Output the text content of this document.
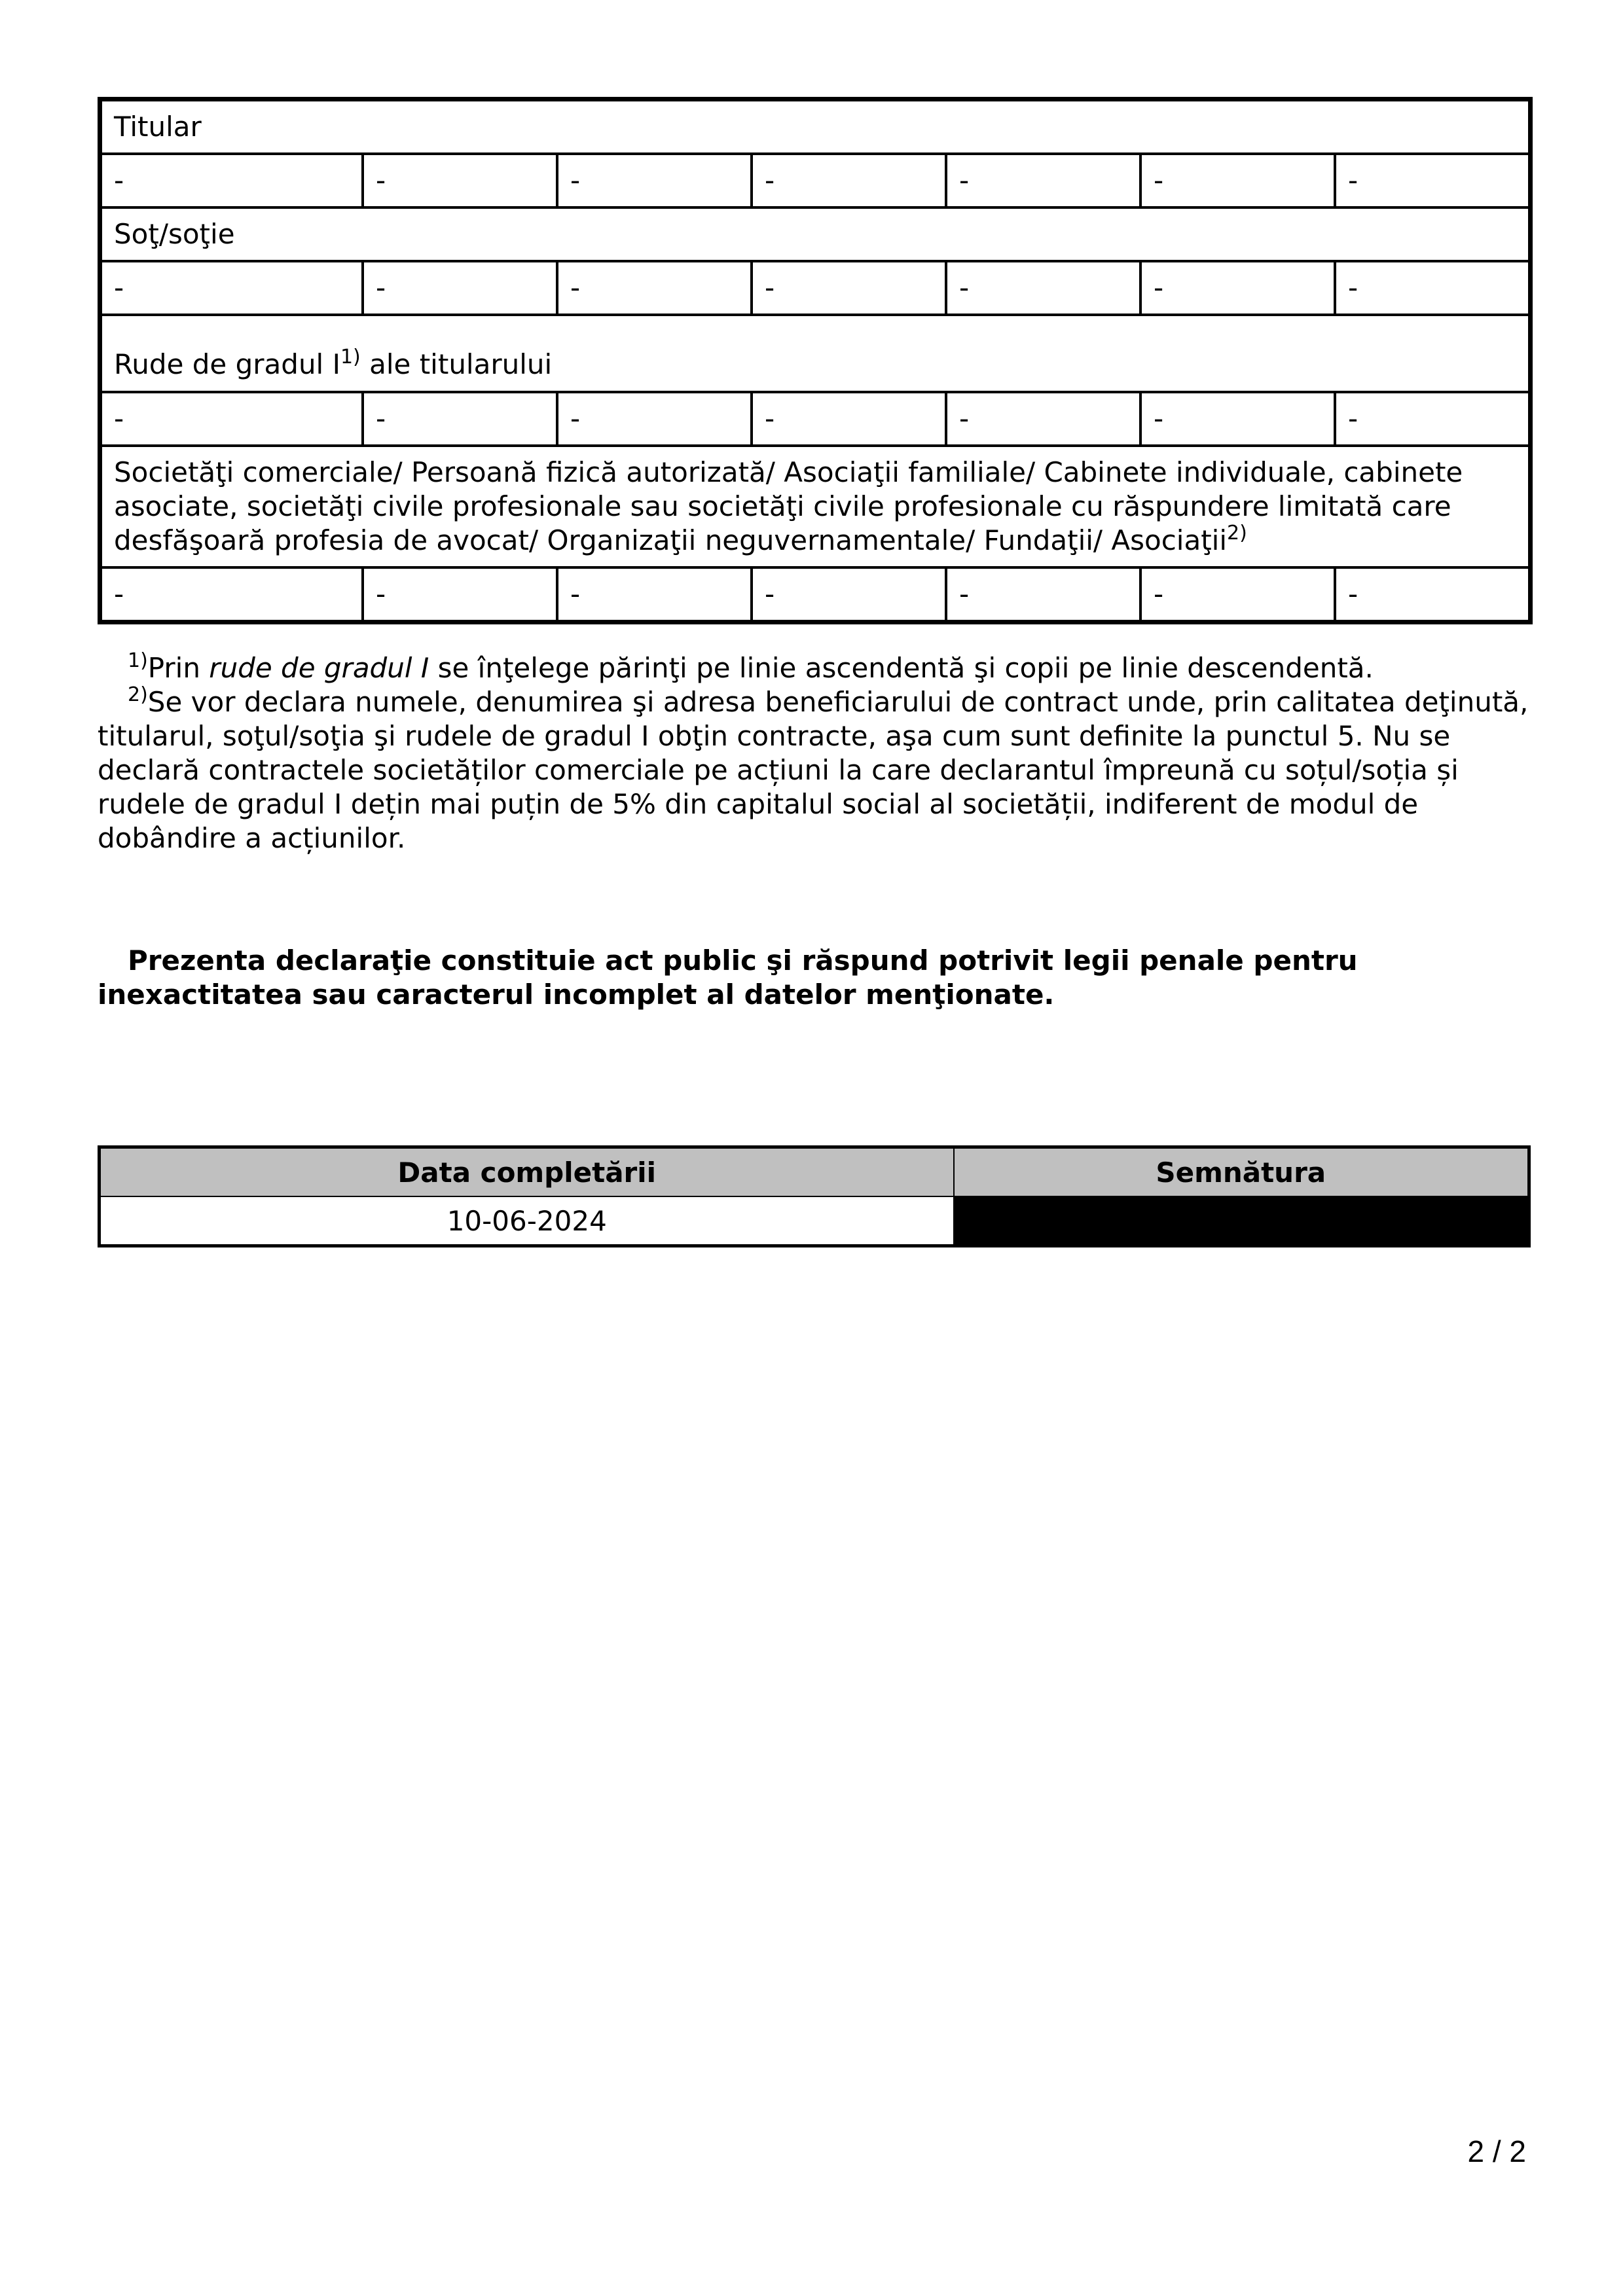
Titular						
-	-	-	-	-	-	-
Soţ/soţie						
-	-	-	-	-	-	-
Rude de gradul $I^{1)}$ ale titularului						
-	-	-	-	-	-	-
Societăţi comerciale/ Persoană fizică autorizată/ Asociaţii familiale/ Cabinete individuale, cabinete asociate, societăţi civile profesionale sau societăţi civile profesionale cu răspundere limitată care desfăşoară profesia de avocat/ Organizaţii neguvernamentale/ Fundaţii/ Asociaţii$^{2)}$
-	-	-	-	-	-	-

$^{1)}$Prin rude de gradul I se înţelege părinţi pe linie ascendentă şi copii pe linie descendentă.

$^{2)}$Se vor declara numele, denumirea şi adresa beneficiarului de contract unde, prin calitatea deţinută, titularul, soţul/soţia şi rudele de gradul I obţin contracte, aşa cum sunt definite la punctul 5. Nu se declară contractele societăților comerciale pe acțiuni la care declarantul împreună cu soțul/soția și rudele de gradul I dețin mai puțin de 5% din capitalul social al societății, indiferent de modul de dobândire a acțiunilor.

Prezenta declaraţie constituie act public şi răspund potrivit legii penale pentru inexactitatea sau caracterul incomplet al datelor menţionate.
Data completării	Semnătura
10-06-2024	
2 / 2
